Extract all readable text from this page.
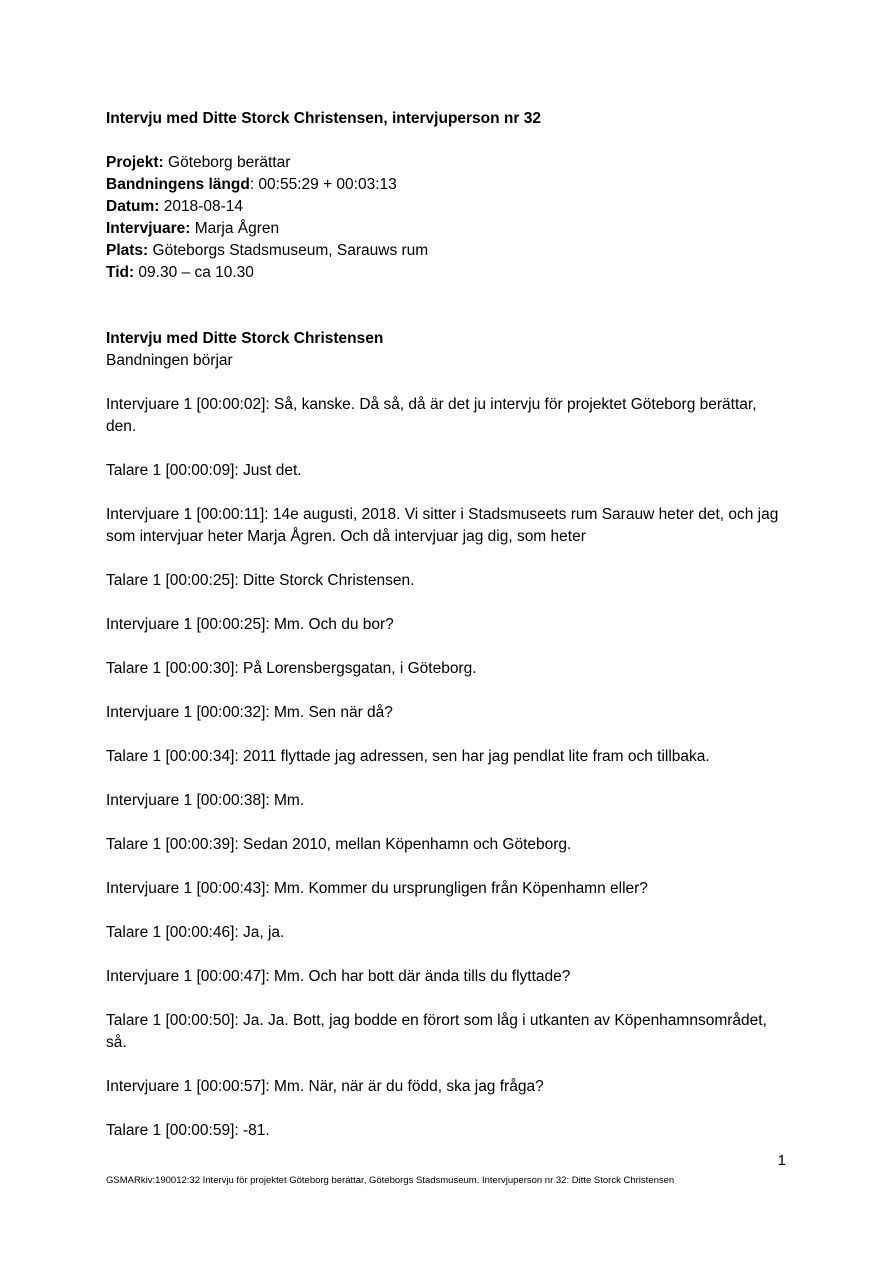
Intervju med Ditte Storck Christensen, intervjuperson nr 32

Projekt: Göteborg berättar

Bandningens längd: 00:55:29 + 00:03:13

Datum: 2018-08-14

Intervjuare: Marja Ågren

Plats: Göteborgs Stadsmuseum, Sarauws rum

Tid: 09.30 – ca 10.30

Intervju med Ditte Storck Christensen

Bandningen börjar

Intervjuare 1 [00:00:02]: Så, kanske. Då så, då är det ju intervju för projektet Göteborg berättar, den.

Talare 1 [00:00:09]: Just det.

Intervjuare 1 [00:00:11]: 14e augusti, 2018. Vi sitter i Stadsmuseets rum Sarauw heter det, och jag som intervjuar heter Marja Ågren. Och då intervjuar jag dig, som heter

Talare 1 [00:00:25]: Ditte Storck Christensen.

Intervjuare 1 [00:00:25]: Mm. Och du bor?

Talare 1 [00:00:30]: På Lorensbergsgatan, i Göteborg.

Intervjuare 1 [00:00:32]: Mm. Sen när då?

Talare 1 [00:00:34]: 2011 flyttade jag adressen, sen har jag pendlat lite fram och tillbaka.

Intervjuare 1 [00:00:38]: Mm.

Talare 1 [00:00:39]: Sedan 2010, mellan Köpenhamn och Göteborg.

Intervjuare 1 [00:00:43]: Mm. Kommer du ursprungligen från Köpenhamn eller?

Talare 1 [00:00:46]: Ja, ja.

Intervjuare 1 [00:00:47]: Mm. Och har bott där ända tills du flyttade?

Talare 1 [00:00:50]: Ja. Ja. Bott, jag bodde en förort som låg i utkanten av Köpenhamnsområdet, så.

Intervjuare 1 [00:00:57]: Mm. När, när är du född, ska jag fråga?

Talare 1 [00:00:59]: -81.

1
GSMARkiv:190012:32 Intervju för projektet Göteborg berättar, Göteborgs Stadsmuseum. Intervjuperson nr 32: Ditte Storck Christensen
